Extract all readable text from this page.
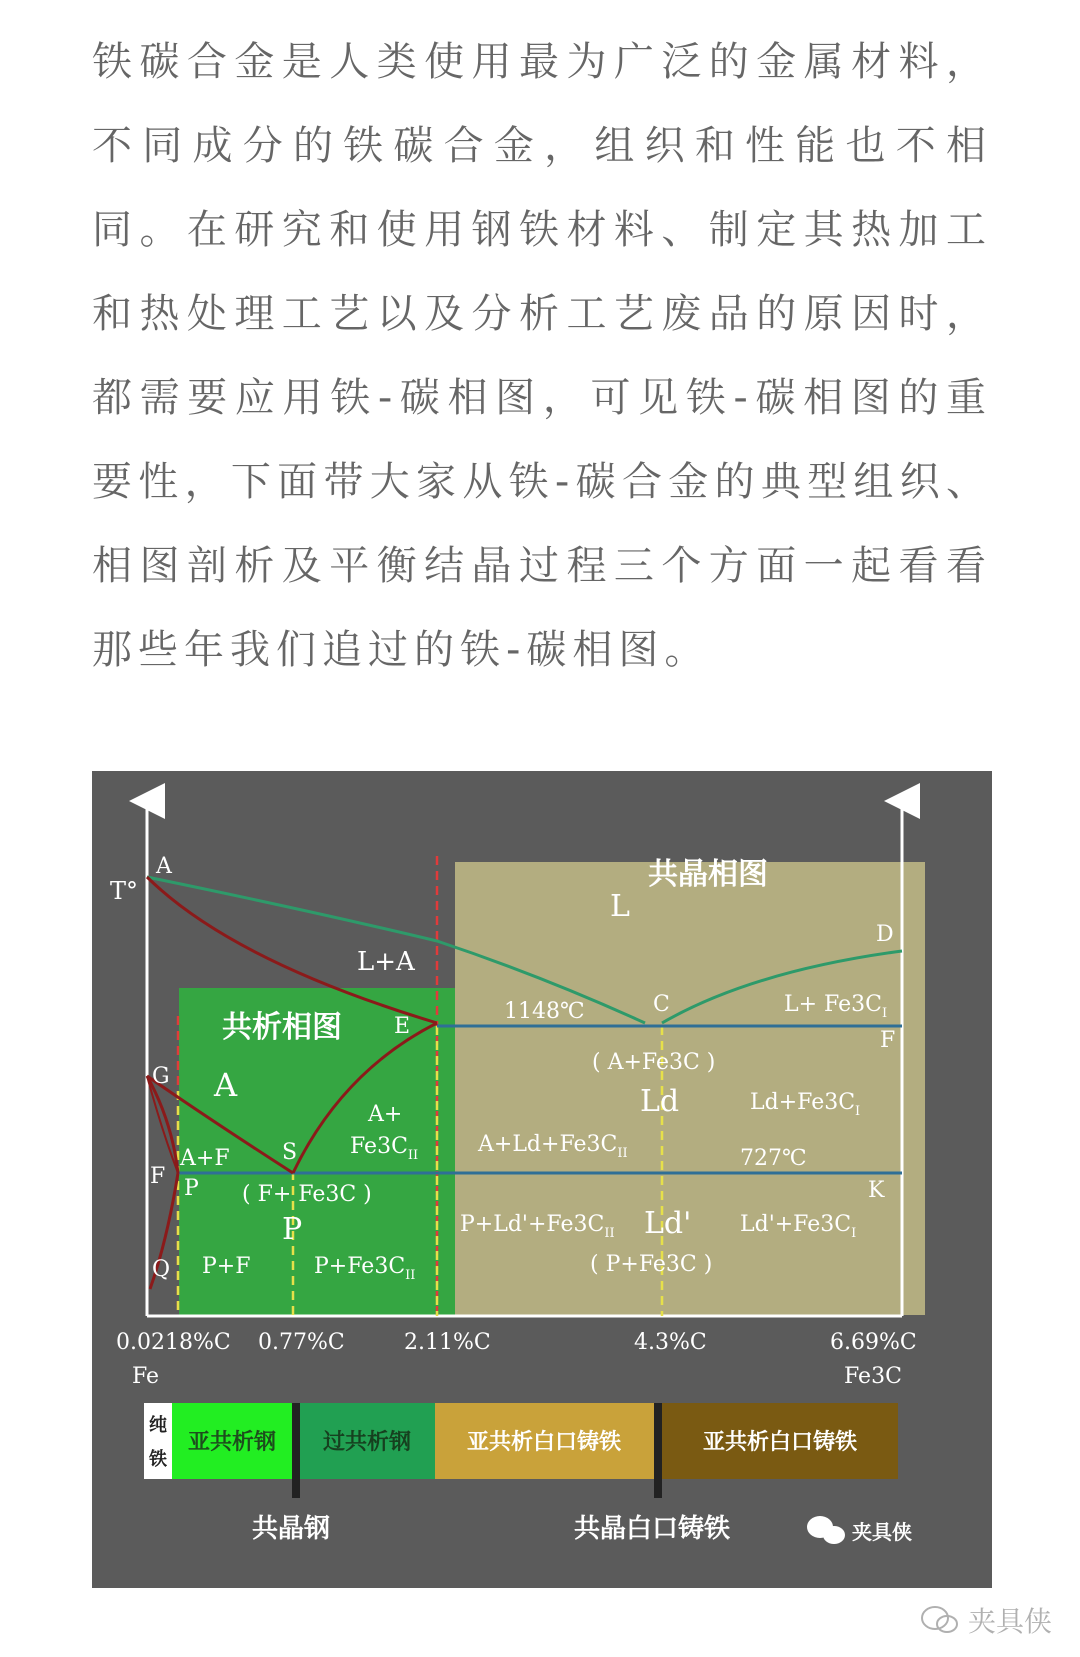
铁碳合金是人类使用最为广泛的金属材料，不同成分的铁碳合金，组织和性能也不相同。在研究和使用钢铁材料、制定其热加工和热处理工艺以及分析工艺废品的原因时，都需要应用铁-碳相图，可见铁-碳相图的重要性，下面带大家从铁-碳合金的典型组织、相图剖析及平衡结晶过程三个方面一起看看那些年我们追过的铁-碳相图。

T°
A
D
E
C
F
G
S
P
F
Q
K
共晶相图
共析相图
L
L+A
1148℃	$L+ Fe3C_I$
A
( A+Fe3C )
Ld	$Ld+Fe3C_I$
A+
$Fe3C_{II}$	$A+Ld+Fe3C_{II}$	727℃
A+F
( F+ Fe3C )
P	$P+Ld'+Fe3C_{II}$ Ld' $Ld'+Fe3C_I$
P+F	$P+Fe3C_{II}$	( P+Fe3C )
0.0218%C 0.77%C	2.11%C	4.3%C	6.69%C
Fe	Fe3C
纯
铁
亚共析钢 过共析钢	亚共析白口铸铁	亚共析白口铸铁
共晶钢	共晶白口铸铁	夹具侠
夹具侠
